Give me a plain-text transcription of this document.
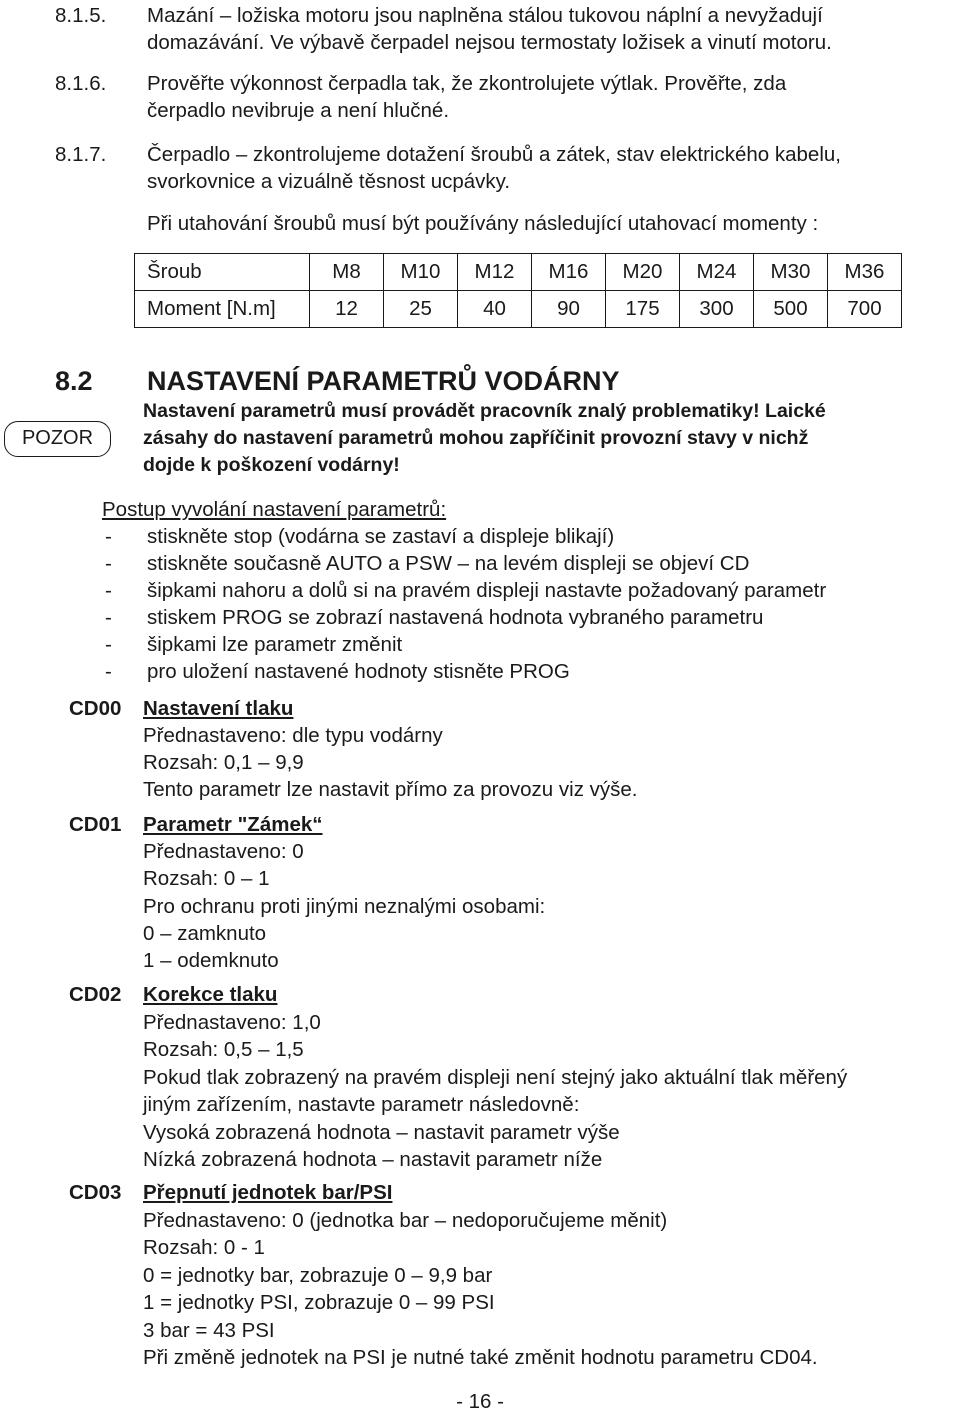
8.1.5. Mazání – ložiska motoru jsou naplněna stálou tukovou náplní a nevyžadují
domazávání. Ve výbavě čerpadel nejsou termostaty ložisek a vinutí motoru.
8.1.6. Prověřte výkonnost čerpadla tak, že zkontrolujete výtlak. Prověřte, zda
čerpadlo nevibruje a není hlučné.
8.1.7. Čerpadlo – zkontrolujeme dotažení šroubů a zátek, stav elektrického kabelu,
svorkovnice a vizuálně těsnost ucpávky.
Při utahování šroubů musí být používány následující utahovací momenty :
Šroub	M8	M10	M12	M16	M20	M24	M30	M36
Moment [N.m]	12	25	40	90	175	300	500	700
8.2 NASTAVENÍ PARAMETRŮ VODÁRNY
POZOR
Nastavení parametrů musí provádět pracovník znalý problematiky! Laické
zásahy do nastavení parametrů mohou zapříčinit provozní stavy v nichž
dojde k poškození vodárny!
Postup vyvolání nastavení parametrů:
- stiskněte stop (vodárna se zastaví a displeje blikají)
- stiskněte současně AUTO a PSW – na levém displeji se objeví CD
- šipkami nahoru a dolů si na pravém displeji nastavte požadovaný parametr
- stiskem PROG se zobrazí nastavená hodnota vybraného parametru
- šipkami lze parametr změnit
- pro uložení nastavené hodnoty stisněte PROG
CD00 Nastavení tlaku
Přednastaveno: dle typu vodárny
Rozsah: 0,1 – 9,9
Tento parametr lze nastavit přímo za provozu viz výše.
CD01 Parametr "Zámek“
Přednastaveno: 0
Rozsah: 0 – 1
Pro ochranu proti jinými neznalými osobami:
0 – zamknuto
1 – odemknuto
CD02 Korekce tlaku
Přednastaveno: 1,0
Rozsah: 0,5 – 1,5
Pokud tlak zobrazený na pravém displeji není stejný jako aktuální tlak měřený
jiným zařízením, nastavte parametr následovně:
Vysoká zobrazená hodnota – nastavit parametr výše
Nízká zobrazená hodnota – nastavit parametr níže
CD03 Přepnutí jednotek bar/PSI
Přednastaveno: 0 (jednotka bar – nedoporučujeme měnit)
Rozsah: 0 - 1
0 = jednotky bar, zobrazuje 0 – 9,9 bar
1 = jednotky PSI, zobrazuje 0 – 99 PSI
3 bar = 43 PSI
Při změně jednotek na PSI je nutné také změnit hodnotu parametru CD04.
- 16 -
